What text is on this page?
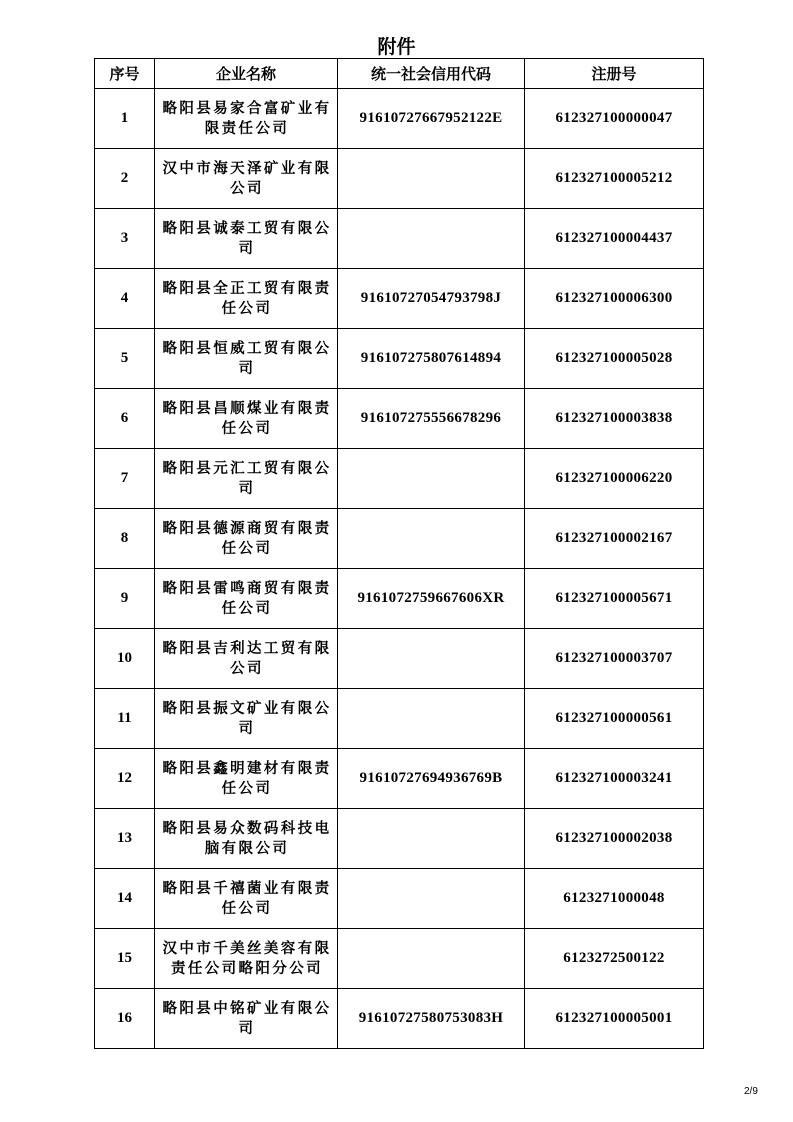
附件
序号	企业名称	统一社会信用代码	注册号
1	略阳县易家合富矿业有限责任公司	91610727667952122E	612327100000047
2	汉中市海天泽矿业有限公司		612327100005212
3	略阳县诚泰工贸有限公司		612327100004437
4	略阳县全正工贸有限责任公司	91610727054793798J	612327100006300
5	略阳县恒威工贸有限公司	916107275807614894	612327100005028
6	略阳县昌顺煤业有限责任公司	916107275556678296	612327100003838
7	略阳县元汇工贸有限公司		612327100006220
8	略阳县德源商贸有限责任公司		612327100002167
9	略阳县雷鸣商贸有限责任公司	9161072759667606XR	612327100005671
10	略阳县吉利达工贸有限公司		612327100003707
11	略阳县振文矿业有限公司		612327100000561
12	略阳县鑫明建材有限责任公司	91610727694936769B	612327100003241
13	略阳县易众数码科技电脑有限公司		612327100002038
14	略阳县千禧菌业有限责任公司		6123271000048
15	汉中市千美丝美容有限责任公司略阳分公司		6123272500122
16	略阳县中铭矿业有限公司	91610727580753083H	612327100005001
2/9
